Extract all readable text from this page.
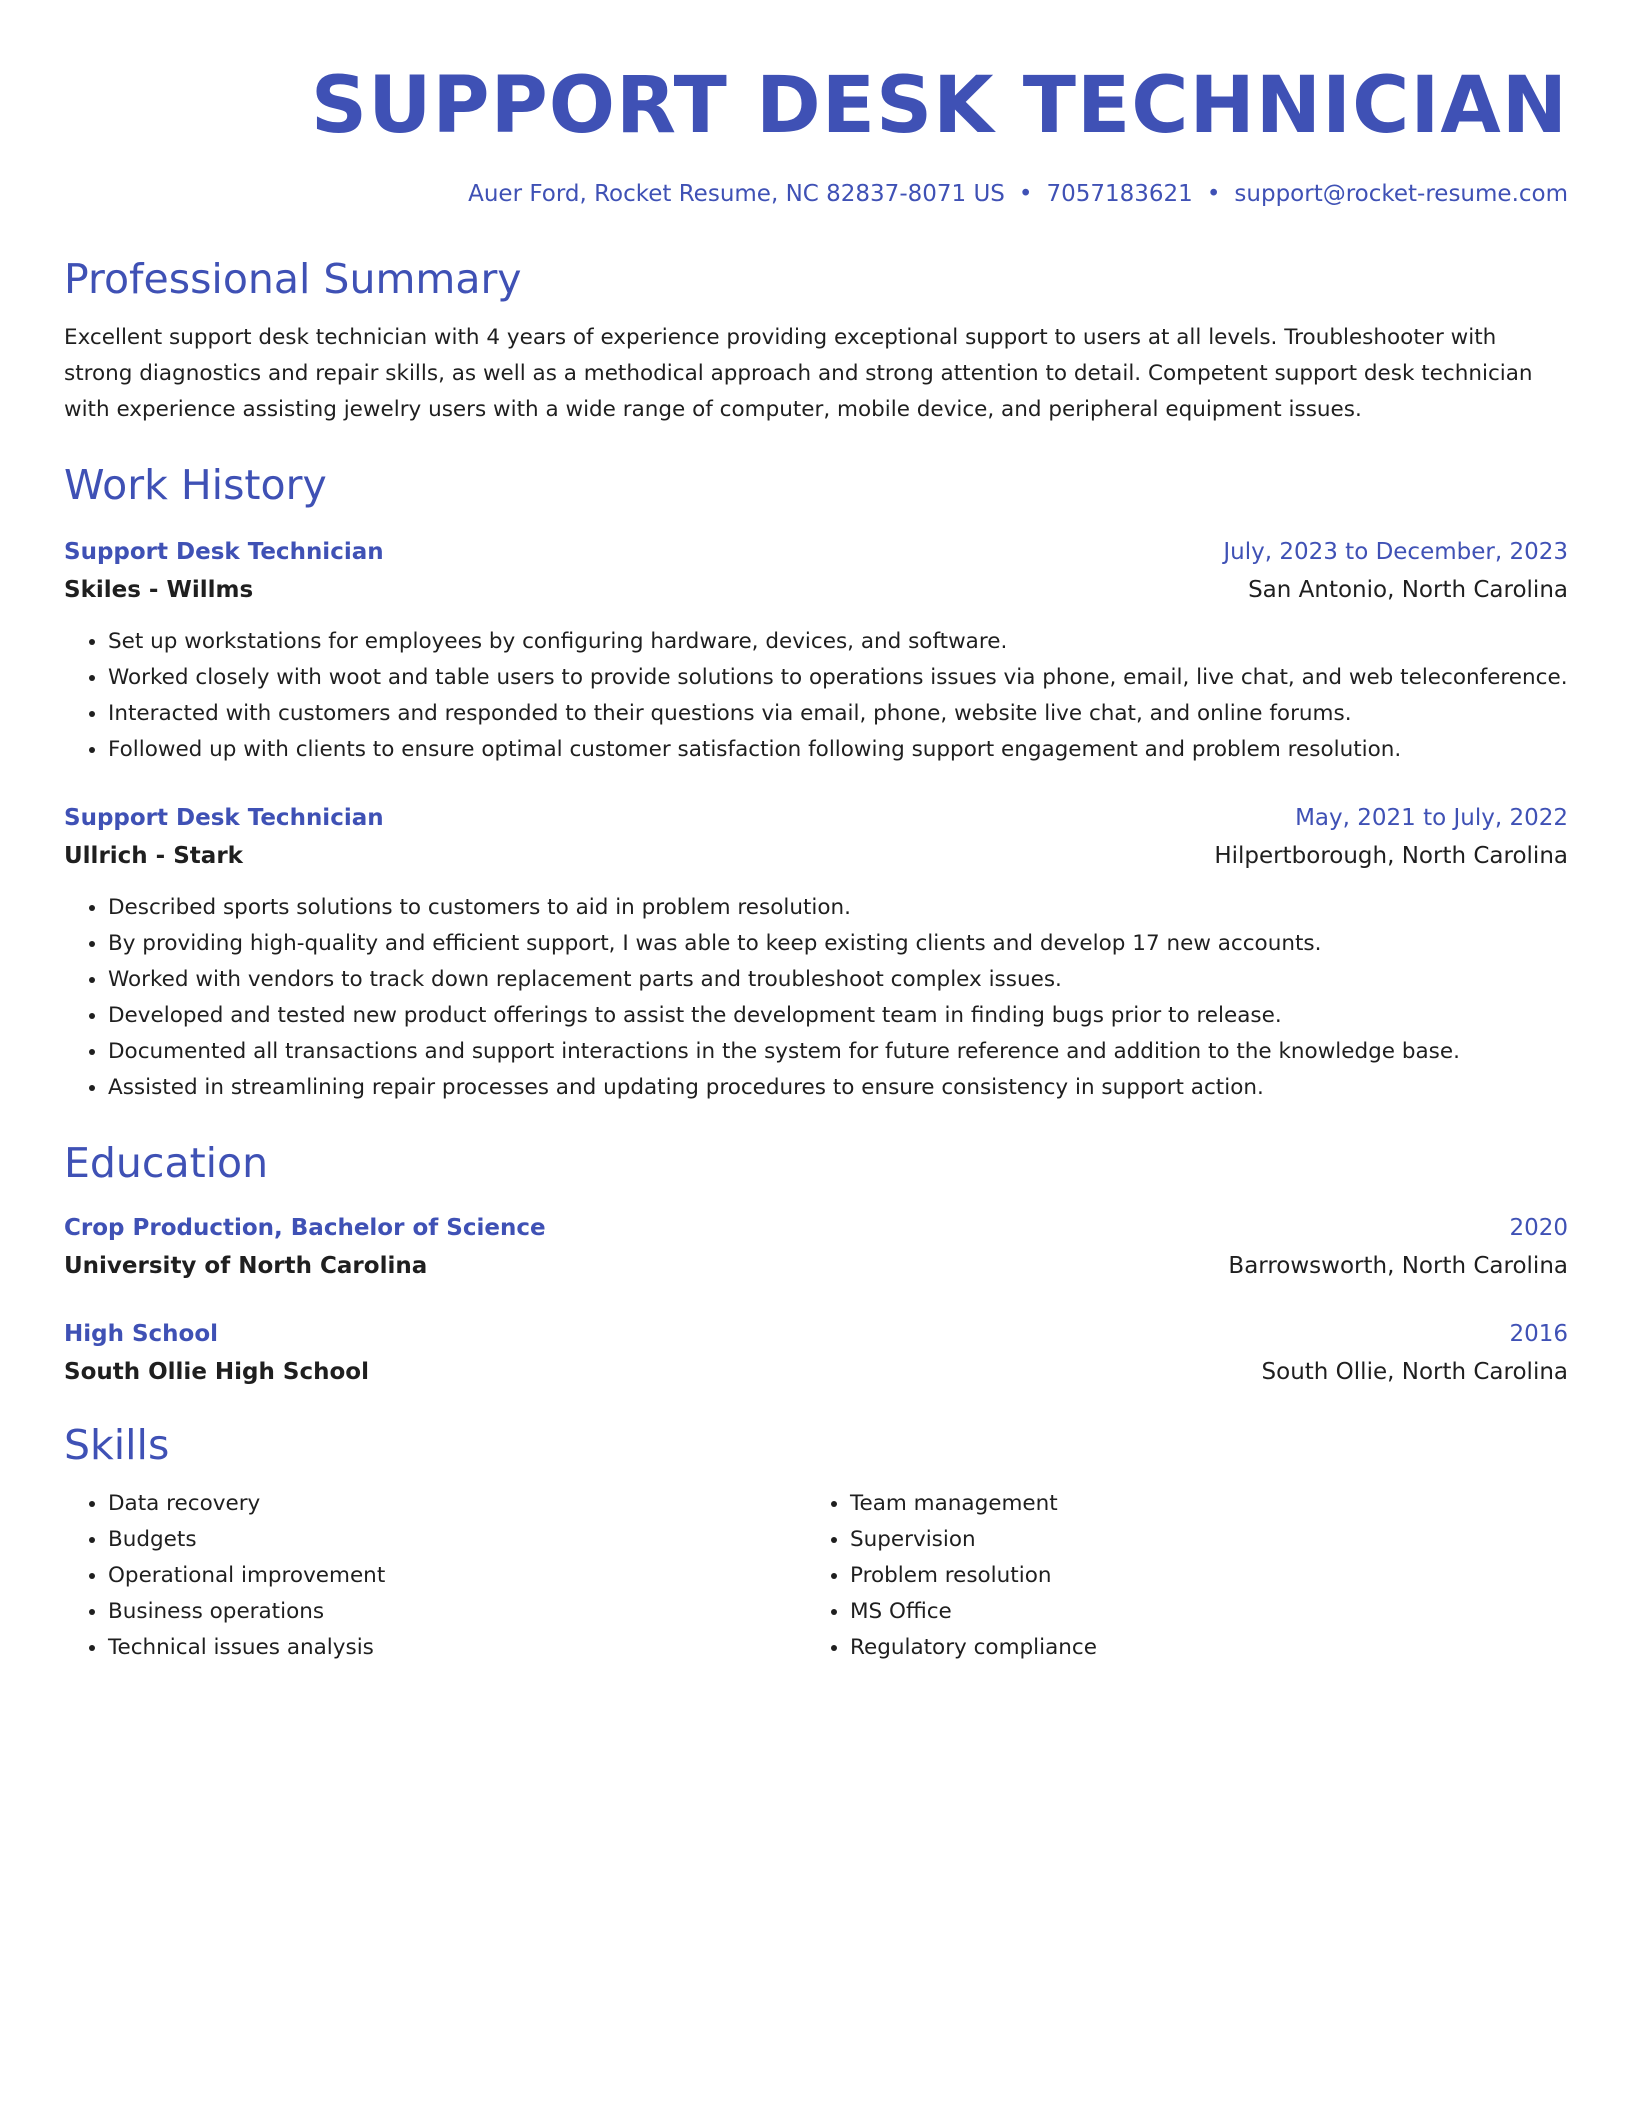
SUPPORT DESK TECHNICIAN
Auer Ford, Rocket Resume, NC 82837-8071 US • 7057183621 • support@rocket-resume.com
Professional Summary
Excellent support desk technician with 4 years of experience providing exceptional support to users at all levels. Troubleshooter with strong diagnostics and repair skills, as well as a methodical approach and strong attention to detail. Competent support desk technician with experience assisting jewelry users with a wide range of computer, mobile device, and peripheral equipment issues.
Work History
Support Desk Technician	July, 2023 to December, 2023
Skiles - Willms	San Antonio, North Carolina
• Set up workstations for employees by configuring hardware, devices, and software.
• Worked closely with woot and table users to provide solutions to operations issues via phone, email, live chat, and web teleconference.
• Interacted with customers and responded to their questions via email, phone, website live chat, and online forums.
• Followed up with clients to ensure optimal customer satisfaction following support engagement and problem resolution.
Support Desk Technician	May, 2021 to July, 2022
Ullrich - Stark	Hilpertborough, North Carolina
• Described sports solutions to customers to aid in problem resolution.
• By providing high-quality and efficient support, I was able to keep existing clients and develop 17 new accounts.
• Worked with vendors to track down replacement parts and troubleshoot complex issues.
• Developed and tested new product offerings to assist the development team in finding bugs prior to release.
• Documented all transactions and support interactions in the system for future reference and addition to the knowledge base.
• Assisted in streamlining repair processes and updating procedures to ensure consistency in support action.
Education
Crop Production, Bachelor of Science	2020
University of North Carolina	Barrowsworth, North Carolina
High School	2016
South Ollie High School	South Ollie, North Carolina
Skills
• Data recovery
• Budgets
• Operational improvement
• Business operations
• Technical issues analysis
• Team management
• Supervision
• Problem resolution
• MS Office
• Regulatory compliance
